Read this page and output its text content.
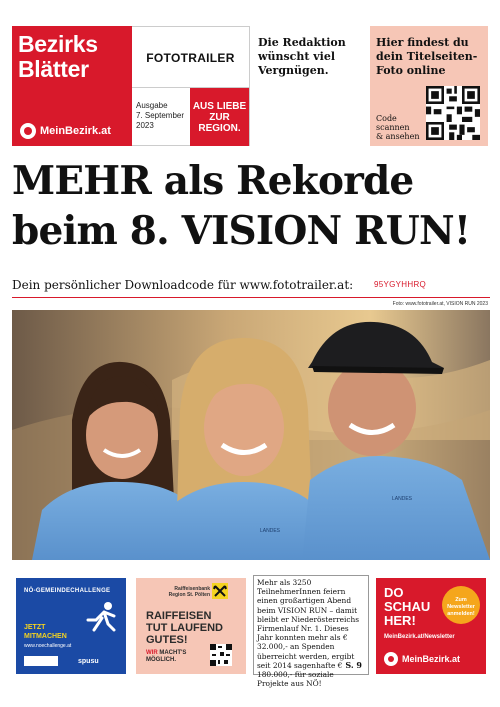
Bezirks
Blätter
MeinBezirk.at
FOTOTRAILER
Ausgabe
7. September
2023
AUS LIEBE
ZUR
REGION.
Die Redaktion
wünscht viel
Vergnügen.
Hier findest du
dein Titelseiten-
Foto online
Code
scannen
& ansehen
MEHR als Rekorde
beim 8. VISION RUN!
Dein persönlicher Downloadcode für www.fototrailer.at:	95YGYHHRQ
Foto: www.fototrailer.at, VISION RUN 2023
LANDES
LANDES
NÖ-GEMEINDECHALLENGE
JETZT
MITMACHEN
www.noechallenge.at
spusu
Raiffeisenbank
Region St. Pölten
RAIFFEISEN
TUT LAUFEND
GUTES!
WIR MACHT'S
MÖGLICH.
Mehr als 3250 TeilnehmerInnen feiern einen großartigen Abend beim VISION RUN – damit bleibt er Niederösterreichs Firmenlauf Nr. 1. Dieses Jahr konnten mehr als € 32.000,- an Spenden überreicht werden, ergibt seit 2014 sagenhafte € 180.000,- für soziale Projekte aus NÖ!
S. 9
DO
SCHAU
HER!
Zum
Newsletter
anmelden!
MeinBezirk.at/Newsletter
MeinBezirk.at
